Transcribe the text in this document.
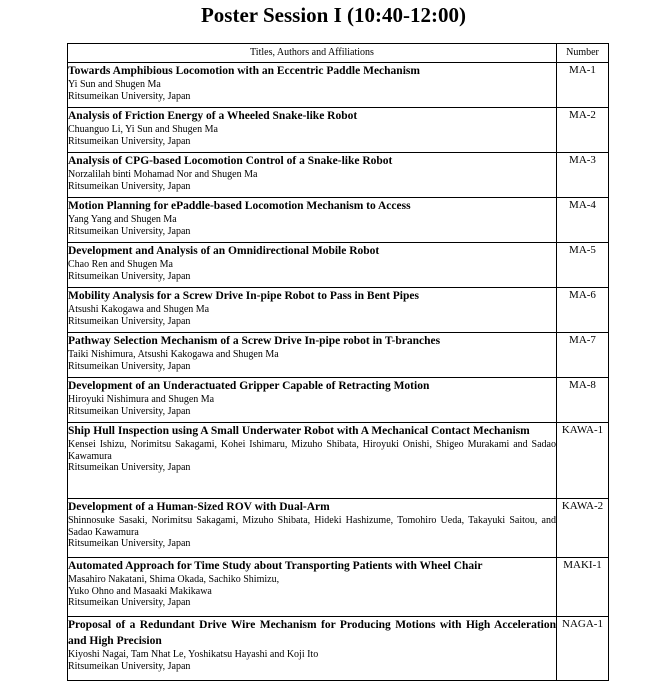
Poster Session I (10:40-12:00)
Titles, Authors and Affiliations	Number

Towards Amphibious Locomotion with an Eccentric Paddle Mechanism
Yi Sun and Shugen Ma
Ritsumeikan University, Japan	MA-1

Analysis of Friction Energy of a Wheeled Snake-like Robot
Chuanguo Li, Yi Sun and Shugen Ma
Ritsumeikan University, Japan	MA-2

Analysis of CPG-based Locomotion Control of a Snake-like Robot
Norzalilah binti Mohamad Nor and Shugen Ma
Ritsumeikan University, Japan	MA-3

Motion Planning for ePaddle-based Locomotion Mechanism to Access
Yang Yang and Shugen Ma
Ritsumeikan University, Japan	MA-4

Development and Analysis of an Omnidirectional Mobile Robot
Chao Ren and Shugen Ma
Ritsumeikan University, Japan	MA-5

Mobility Analysis for a Screw Drive In-pipe Robot to Pass in Bent Pipes
Atsushi Kakogawa and Shugen Ma
Ritsumeikan University, Japan	MA-6

Pathway Selection Mechanism of a Screw Drive In-pipe robot in T-branches
Taiki Nishimura, Atsushi Kakogawa and Shugen Ma
Ritsumeikan University, Japan	MA-7

Development of an Underactuated Gripper Capable of Retracting Motion
Hiroyuki Nishimura and Shugen Ma
Ritsumeikan University, Japan	MA-8

Ship Hull Inspection using A Small Underwater Robot with A Mechanical Contact Mechanism
Kensei Ishizu, Norimitsu Sakagami, Kohei Ishimaru, Mizuho Shibata, Hiroyuki Onishi, Shigeo Murakami and Sadao Kawamura
Ritsumeikan University, Japan	KAWA-1

Development of a Human-Sized ROV with Dual-Arm
Shinnosuke Sasaki, Norimitsu Sakagami, Mizuho Shibata, Hideki Hashizume, Tomohiro Ueda, Takayuki Saitou, and Sadao Kawamura
Ritsumeikan University, Japan	KAWA-2

Automated Approach for Time Study about Transporting Patients with Wheel Chair
Masahiro Nakatani, Shima Okada, Sachiko Shimizu,
Yuko Ohno and Masaaki Makikawa
Ritsumeikan University, Japan	MAKI-1

Proposal of a Redundant Drive Wire Mechanism for Producing Motions with High Acceleration and High Precision
Kiyoshi Nagai, Tam Nhat Le, Yoshikatsu Hayashi and Koji Ito
Ritsumeikan University, Japan	NAGA-1
